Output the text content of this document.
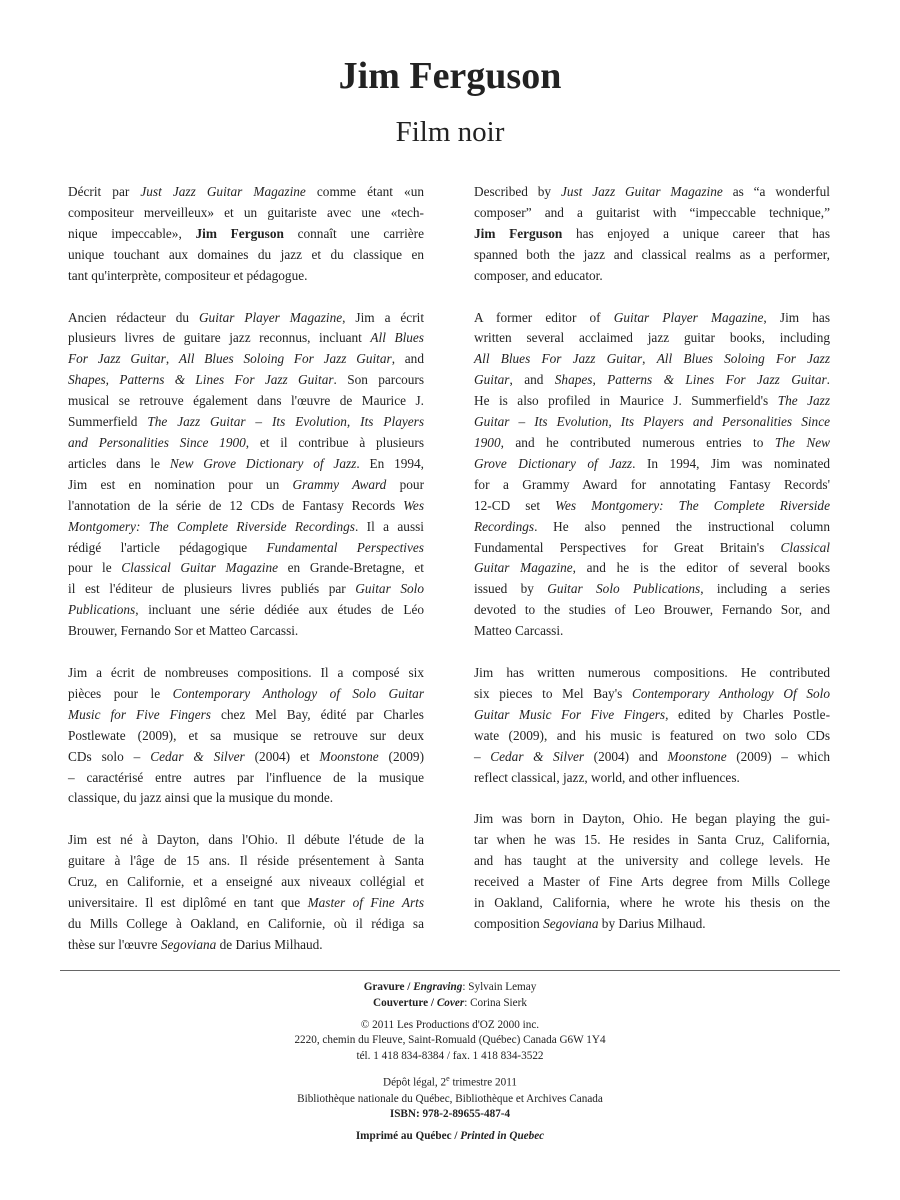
Jim Ferguson
Film noir

Décrit par Just Jazz Guitar Magazine comme étant «un
compositeur merveilleux» et un guitariste avec une «tech-
nique impeccable», Jim Ferguson connaît une carrière
unique touchant aux domaines du jazz et du classique en
tant qu'interprète, compositeur et pédagogue.

Ancien rédacteur du Guitar Player Magazine, Jim a écrit
plusieurs livres de guitare jazz reconnus, incluant All Blues
For Jazz Guitar, All Blues Soloing For Jazz Guitar, and
Shapes, Patterns & Lines For Jazz Guitar. Son parcours
musical se retrouve également dans l'œuvre de Maurice J.
Summerfield The Jazz Guitar – Its Evolution, Its Players
and Personalities Since 1900, et il contribue à plusieurs
articles dans le New Grove Dictionary of Jazz. En 1994,
Jim est en nomination pour un Grammy Award pour
l'annotation de la série de 12 CDs de Fantasy Records Wes
Montgomery: The Complete Riverside Recordings. Il a aussi
rédigé l'article pédagogique Fundamental Perspectives
pour le Classical Guitar Magazine en Grande-Bretagne, et
il est l'éditeur de plusieurs livres publiés par Guitar Solo
Publications, incluant une série dédiée aux études de Léo
Brouwer, Fernando Sor et Matteo Carcassi.

Jim a écrit de nombreuses compositions. Il a composé six
pièces pour le Contemporary Anthology of Solo Guitar
Music for Five Fingers chez Mel Bay, édité par Charles
Postlewate (2009), et sa musique se retrouve sur deux
CDs solo – Cedar & Silver (2004) et Moonstone (2009)
– caractérisé entre autres par l'influence de la musique
classique, du jazz ainsi que la musique du monde.

Jim est né à Dayton, dans l'Ohio. Il débute l'étude de la
guitare à l'âge de 15 ans. Il réside présentement à Santa
Cruz, en Californie, et a enseigné aux niveaux collégial et
universitaire. Il est diplômé en tant que Master of Fine Arts
du Mills College à Oakland, en Californie, où il rédiga sa
thèse sur l'œuvre Segoviana de Darius Milhaud.

Described by Just Jazz Guitar Magazine as “a wonderful
composer” and a guitarist with “impeccable technique,”
Jim Ferguson has enjoyed a unique career that has
spanned both the jazz and classical realms as a performer,
composer, and educator.

A former editor of Guitar Player Magazine, Jim has
written several acclaimed jazz guitar books, including
All Blues For Jazz Guitar, All Blues Soloing For Jazz
Guitar, and Shapes, Patterns & Lines For Jazz Guitar.
He is also profiled in Maurice J. Summerfield's The Jazz
Guitar – Its Evolution, Its Players and Personalities Since
1900, and he contributed numerous entries to The New
Grove Dictionary of Jazz. In 1994, Jim was nominated
for a Grammy Award for annotating Fantasy Records'
12-CD set Wes Montgomery: The Complete Riverside
Recordings. He also penned the instructional column
Fundamental Perspectives for Great Britain's Classical
Guitar Magazine, and he is the editor of several books
issued by Guitar Solo Publications, including a series
devoted to the studies of Leo Brouwer, Fernando Sor, and
Matteo Carcassi.

Jim has written numerous compositions. He contributed
six pieces to Mel Bay's Contemporary Anthology Of Solo
Guitar Music For Five Fingers, edited by Charles Postle-
wate (2009), and his music is featured on two solo CDs
– Cedar & Silver (2004) and Moonstone (2009) – which
reflect classical, jazz, world, and other influences.

Jim was born in Dayton, Ohio. He began playing the gui-
tar when he was 15. He resides in Santa Cruz, California,
and has taught at the university and college levels. He
received a Master of Fine Arts degree from Mills College
in Oakland, California, where he wrote his thesis on the
composition Segoviana by Darius Milhaud.

Gravure / Engraving: Sylvain Lemay
Couverture / Cover: Corina Sierk
© 2011 Les Productions d'OZ 2000 inc.
2220, chemin du Fleuve, Saint-Romuald (Québec) Canada G6W 1Y4
tél. 1 418 834-8384 / fax. 1 418 834-3522
Dépôt légal, 2e trimestre 2011
Bibliothèque nationale du Québec, Bibliothèque et Archives Canada
ISBN: 978-2-89655-487-4
Imprimé au Québec / Printed in Quebec
